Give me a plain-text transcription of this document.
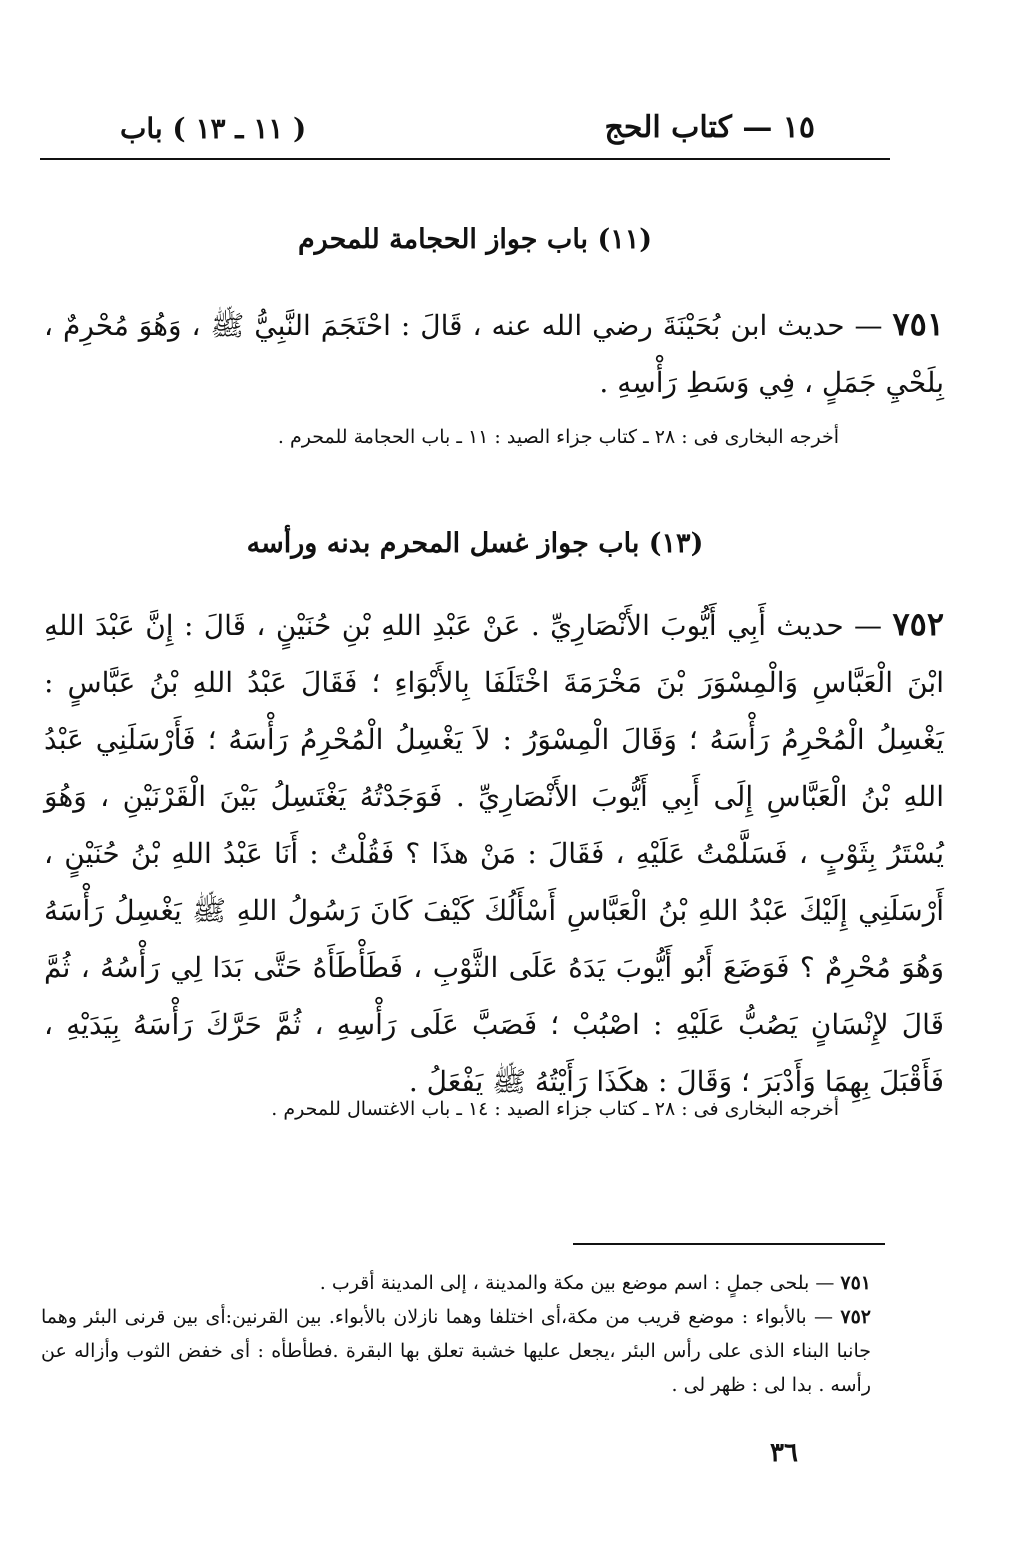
١٥ — كتاب الحج
( ١١ ـ ١٣ ) باب
(١١) باب جواز الحجامة للمحرم
٧٥١ — حديث ابن بُحَيْنَةَ رضي الله عنه ، قَالَ : احْتَجَمَ النَّبِيُّ ﷺ ، وَهُوَ مُحْرِمٌ ، بِلَحْيِ جَمَلٍ ، فِي وَسَطِ رَأْسِهِ .
أخرجه البخارى فى : ٢٨ ـ كتاب جزاء الصيد : ١١ ـ باب الحجامة للمحرم .
(١٣) باب جواز غسل المحرم بدنه ورأسه
٧٥٢ — حديث أَبِي أَيُّوبَ الأَنْصَارِيِّ . عَنْ عَبْدِ اللهِ بْنِ حُنَيْنٍ ، قَالَ : إِنَّ عَبْدَ اللهِ ابْنَ الْعَبَّاسِ وَالْمِسْوَرَ بْنَ مَخْرَمَةَ اخْتَلَفَا بِالأَبْوَاءِ ؛ فَقَالَ عَبْدُ اللهِ بْنُ عَبَّاسٍ : يَغْسِلُ الْمُحْرِمُ رَأْسَهُ ؛ وَقَالَ الْمِسْوَرُ : لاَ يَغْسِلُ الْمُحْرِمُ رَأْسَهُ ؛ فَأَرْسَلَنِي عَبْدُ اللهِ بْنُ الْعَبَّاسِ إِلَى أَبِي أَيُّوبَ الأَنْصَارِيِّ . فَوَجَدْتُهُ يَغْتَسِلُ بَيْنَ الْقَرْنَيْنِ ، وَهُوَ يُسْتَرُ بِثَوْبٍ ، فَسَلَّمْتُ عَلَيْهِ ، فَقَالَ : مَنْ هذَا ؟ فَقُلْتُ : أَنَا عَبْدُ اللهِ بْنُ حُنَيْنٍ ، أَرْسَلَنِي إِلَيْكَ عَبْدُ اللهِ بْنُ الْعَبَّاسِ أَسْأَلُكَ كَيْفَ كَانَ رَسُولُ اللهِ ﷺ يَغْسِلُ رَأْسَهُ وَهُوَ مُحْرِمٌ ؟ فَوَضَعَ أَبُو أَيُّوبَ يَدَهُ عَلَى الثَّوْبِ ، فَطَأْطَأَهُ حَتَّى بَدَا لِي رَأْسُهُ ، ثُمَّ قَالَ لإِنْسَانٍ يَصُبُّ عَلَيْهِ : اصْبُبْ ؛ فَصَبَّ عَلَى رَأْسِهِ ، ثُمَّ حَرَّكَ رَأْسَهُ بِيَدَيْهِ ، فَأَقْبَلَ بِهِمَا وَأَدْبَرَ ؛ وَقَالَ : هكَذَا رَأَيْتُهُ ﷺ يَفْعَلُ .
أخرجه البخارى فى : ٢٨ ـ كتاب جزاء الصيد : ١٤ ـ باب الاغتسال للمحرم .
٧٥١ — بلحى جملٍ : اسم موضع بين مكة والمدينة ، إلى المدينة أقرب .
٧٥٢ — بالأبواء : موضع قريب من مكة،أى اختلفا وهما نازلان بالأبواء. بين القرنين:أى بين قرنى البئر وهما جانبا البناء الذى على رأس البئر ،يجعل عليها خشبة تعلق بها البقرة .فطأطأه : أى خفض الثوب وأزاله عن رأسه . بدا لى : ظهر لى .
٣٦
